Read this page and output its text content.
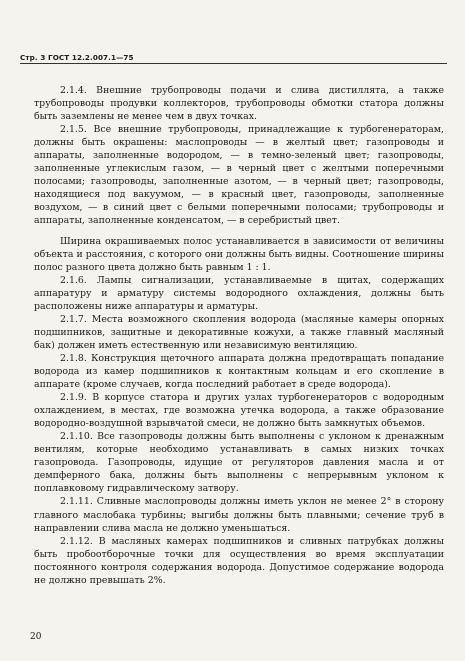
Стр. 3 ГОСТ 12.2.007.1—75

2.1.4. Внешние трубопроводы подачи и слива дистиллята, а также трубопроводы продувки коллекторов, трубопроводы обмотки статора должны быть заземлены не менее чем в двух точках.

2.1.5. Все внешние трубопроводы, принадлежащие к турбогенераторам, должны быть окрашены: маслопроводы — в желтый цвет; газопроводы и аппараты, заполненные водородом, — в темно-зеленый цвет; газопроводы, заполненные углекислым газом, — в черный цвет с желтыми поперечными полосами; газопроводы, заполненные азотом, — в черный цвет; газопроводы, находящиеся под вакуумом, — в красный цвет, газопроводы, заполненные воздухом, — в синий цвет с белыми поперечными полосами; трубопроводы и аппараты, заполненные конденсатом, — в серебристый цвет.

Ширина окрашиваемых полос устанавливается в зависимости от величины объекта и расстояния, с которого они должны быть видны. Соотношение ширины полос разного цвета должно быть равным 1 : 1.

2.1.6. Лампы сигнализации, устанавливаемые в щитах, содержащих аппаратуру и арматуру системы водородного охлаждения, должны быть расположены ниже аппаратуры и арматуры.

2.1.7. Места возможного скопления водорода (масляные камеры опорных подшипников, защитные и декоративные кожухи, а также главный масляный бак) должен иметь естественную или независимую вентиляцию.

2.1.8. Конструкция щеточного аппарата должна предотвращать попадание водорода из камер подшипников к контактным кольцам и его скопление в аппарате (кроме случаев, когда последний работает в среде водорода).

2.1.9. В корпусе статора и других узлах турбогенераторов с водородным охлаждением, в местах, где возможна утечка водорода, а также образование водородно-воздушной взрывчатой смеси, не должно быть замкнутых объемов.

2.1.10. Все газопроводы должны быть выполнены с уклоном к дренажным вентилям, которые необходимо устанавливать в самых низких точках газопровода. Газопроводы, идущие от регуляторов давления масла и от демпферного бака, должны быть выполнены с непрерывным уклоном к поплавковому гидравлическому затвору.

2.1.11. Сливные маслопроводы должны иметь уклон не менее 2° в сторону главного маслобака турбины; выгибы должны быть плавными; сечение труб в направлении слива масла не должно уменьшаться.

2.1.12. В масляных камерах подшипников и сливных патрубках должны быть пробоотборочные точки для осуществления во время эксплуатации постоянного контроля содержания водорода. Допустимое содержание водорода не должно превышать 2%.

20
